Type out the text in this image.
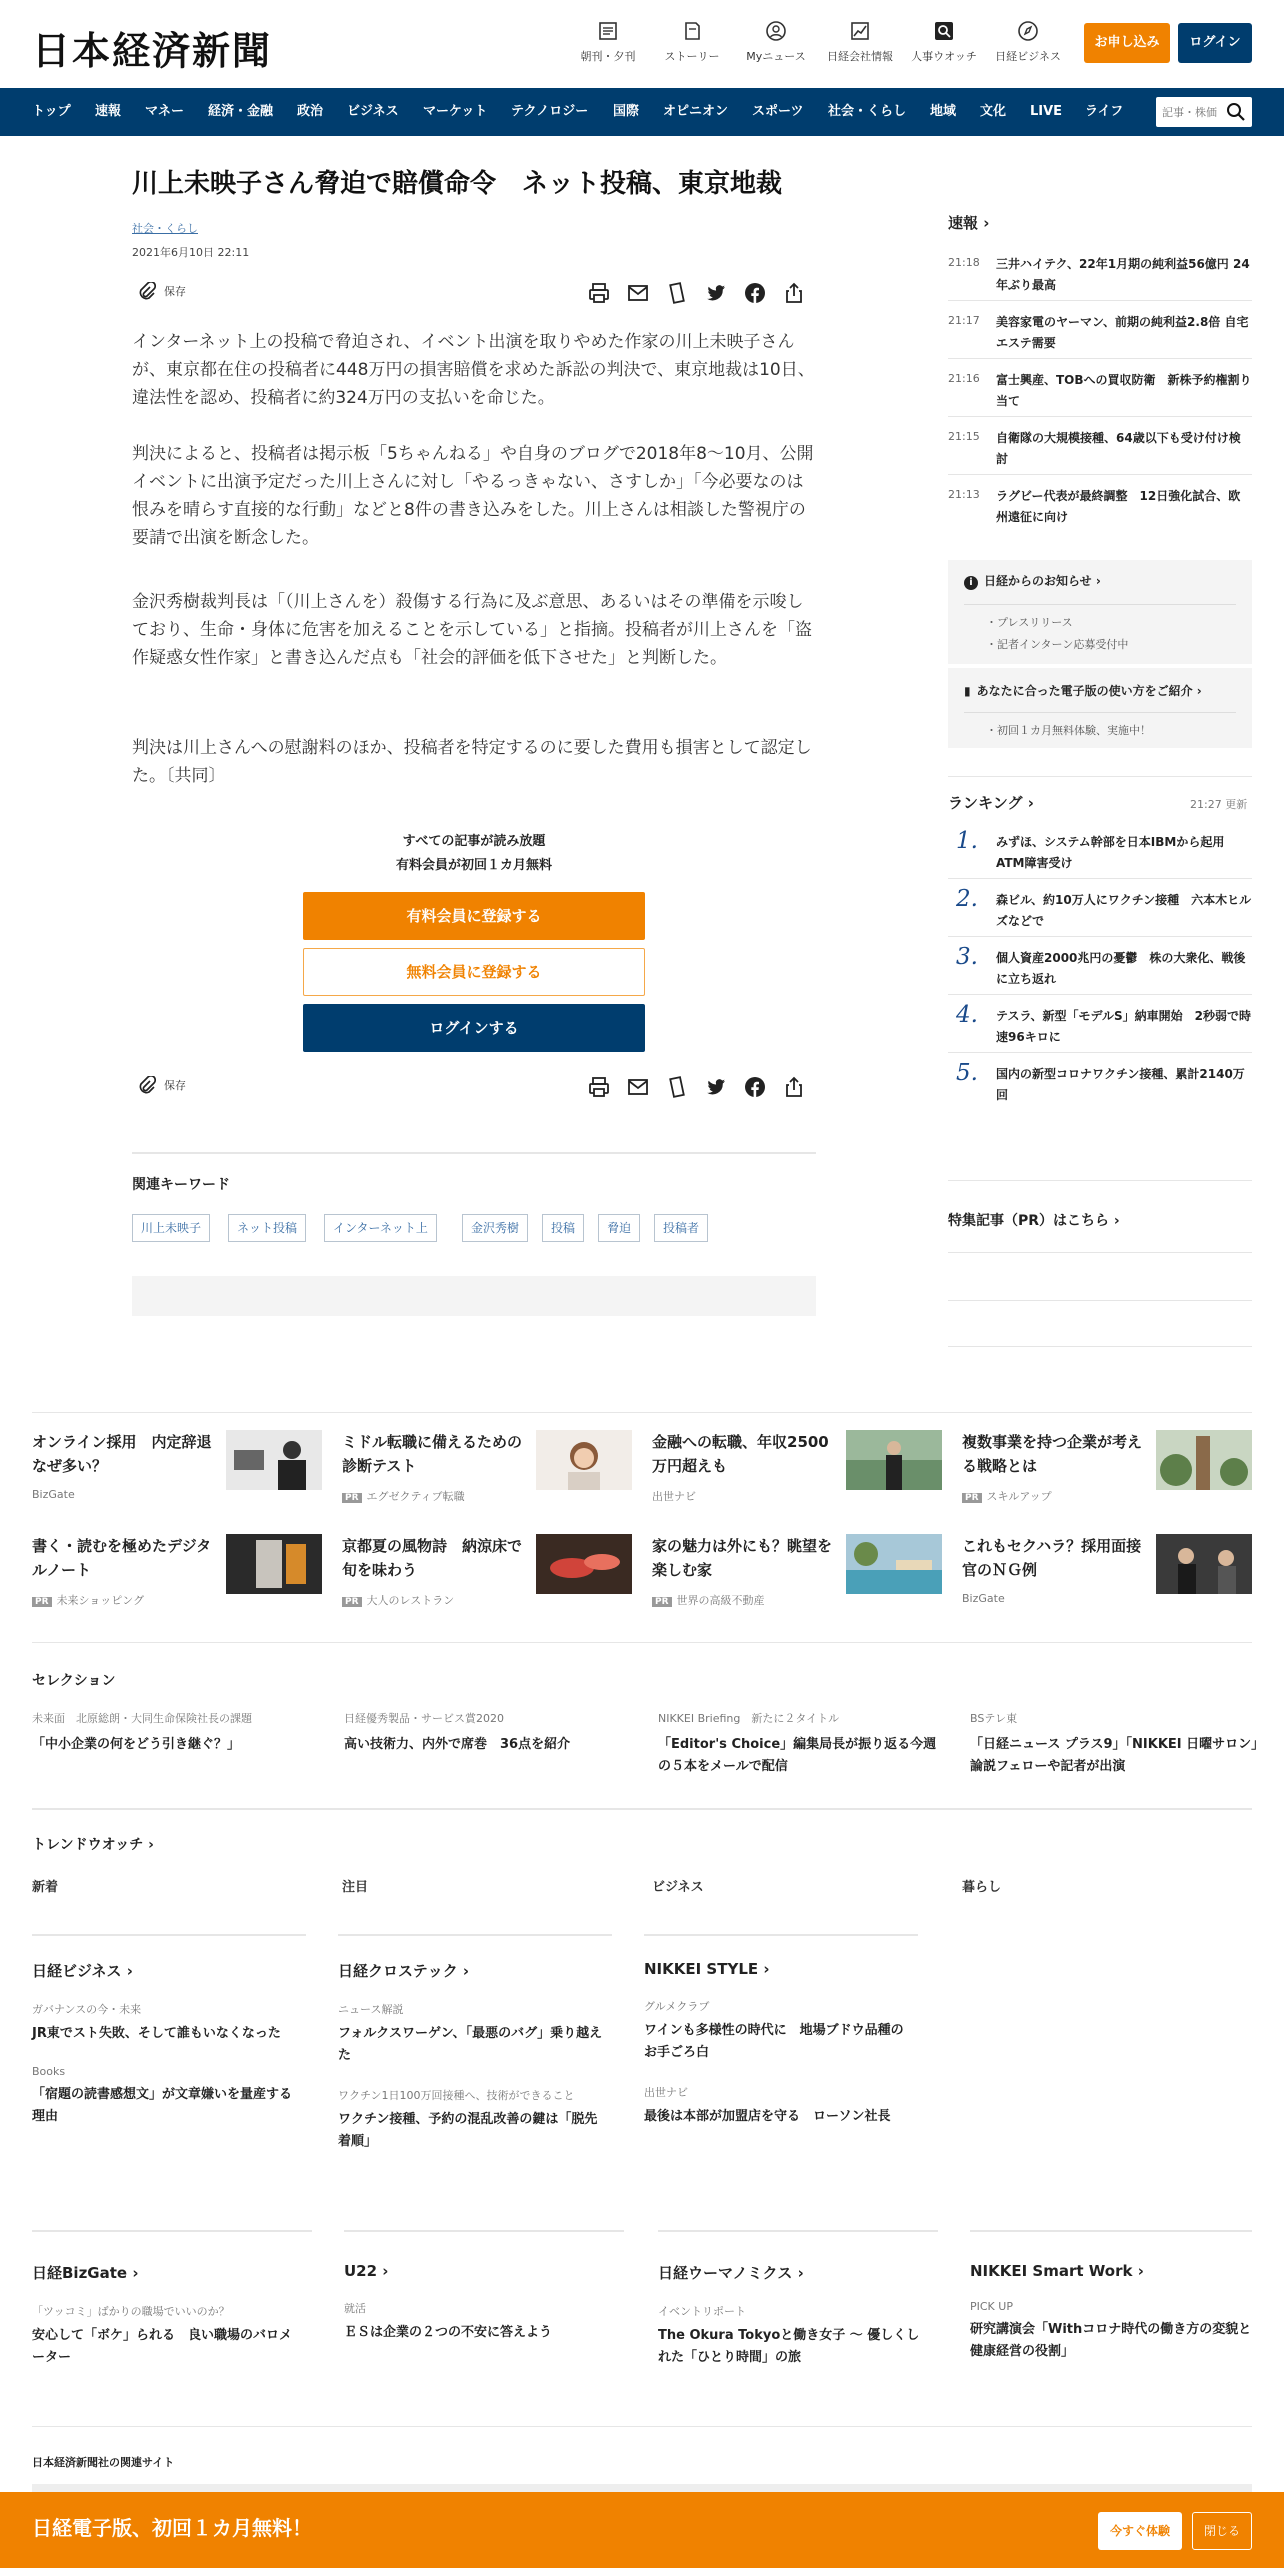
日本経済新聞	朝刊・夕刊	ストーリー	Myニュース	日経会社情報	人事ウオッチ	日経ビジネス
お申し込み	ログイン
トップ 速報 マネー 経済・金融 政治 ビジネス マーケット テクノロジー 国際 オピニオン スポーツ 社会・くらし 地域 文化 LIVE ライフ
記事・株価
川上未映子さん脅迫で賠償命令　ネット投稿、東京地裁
社会・くらし
2021年6月10日 22:11
保存

インターネット上の投稿で脅迫され、イベント出演を取りやめた作家の川上未映子さんが、東京都在住の投稿者に448万円の損害賠償を求めた訴訟の判決で、東京地裁は10日、違法性を認め、投稿者に約324万円の支払いを命じた。

判決によると、投稿者は掲示板「5ちゃんねる」や自身のブログで2018年8～10月、公開イベントに出演予定だった川上さんに対し「やるっきゃない、さすしか」「今必要なのは恨みを晴らす直接的な行動」などと8件の書き込みをした。川上さんは相談した警視庁の要請で出演を断念した。

金沢秀樹裁判長は「（川上さんを）殺傷する行為に及ぶ意思、あるいはその準備を示唆しており、生命・身体に危害を加えることを示している」と指摘。投稿者が川上さんを「盗作疑惑女性作家」と書き込んだ点も「社会的評価を低下させた」と判断した。

判決は川上さんへの慰謝料のほか、投稿者を特定するのに要した費用も損害として認定した。〔共同〕

すべての記事が読み放題
有料会員が初回１カ月無料
有料会員に登録する
無料会員に登録する
ログインする
保存
関連キーワード
川上未映子	ネット投稿	インターネット上	金沢秀樹	投稿	脅迫	投稿者
速報 ›
21:18 三井ハイテク、22年1月期の純利益56億円 24年ぶり最高
21:17 美容家電のヤーマン、前期の純利益2.8倍 自宅エステ需要
21:16 富士興産、TOBへの買収防衛　新株予約権割り当て
21:15 自衛隊の大規模接種、64歳以下も受け付け検討
21:13 ラグビー代表が最終調整　12日強化試合、欧州遠征に向け
i 日経からのお知らせ ›
・プレスリリース
・記者インターン応募受付中
▮ あなたに合った電子版の使い方をご紹介 ›
・初回１カ月無料体験、実施中！
ランキング ›	21:27 更新
1. みずほ、システム幹部を日本IBMから起用　ATM障害受け
2. 森ビル、約10万人にワクチン接種　六本木ヒルズなどで
3. 個人資産2000兆円の憂鬱　株の大衆化、戦後に立ち返れ
4. テスラ、新型「モデルS」納車開始　2秒弱で時速96キロに
5. 国内の新型コロナワクチン接種、累計2140万回
特集記事（PR）はこちら ›
オンライン採用　内定辞退なぜ多い？
BizGate
ミドル転職に備えるための診断テスト
PR エグゼクティブ転職
金融への転職、年収2500万円超えも
出世ナビ
複数事業を持つ企業が考える戦略とは
PR スキルアップ
書く・読むを極めたデジタルノート
PR 未来ショッピング
京都夏の風物詩　納涼床で旬を味わう
PR 大人のレストラン
家の魅力は外にも？眺望を楽しむ家
PR 世界の高級不動産
これもセクハラ？採用面接官のＮＧ例
BizGate
セレクション
未来面　北原総朗・大同生命保険社長の課題
「中小企業の何をどう引き継ぐ？」
日経優秀製品・サービス賞2020
高い技術力、内外で席巻　36点を紹介
NIKKEI Briefing　新たに２タイトル
「Editor's Choice」編集局長が振り返る今週の５本をメールで配信
BSテレ東
「日経ニュース プラス9」「NIKKEI 日曜サロン」論説フェローや記者が出演
トレンドウオッチ ›
新着	注目	ビジネス	暮らし
日経ビジネス ›
ガバナンスの今・未来
JR東でスト失敗、そして誰もいなくなった
Books
「宿題の読書感想文」が文章嫌いを量産する理由
日経クロステック ›
ニュース解説
フォルクスワーゲン、「最悪のバグ」乗り越えた
ワクチン1日100万回接種へ、技術ができること
ワクチン接種、予約の混乱改善の鍵は「脱先着順」
NIKKEI STYLE ›
グルメクラブ
ワインも多様性の時代に　地場ブドウ品種のお手ごろ白
出世ナビ
最後は本部が加盟店を守る　ローソン社長
日経BizGate ›
「ツッコミ」ばかりの職場でいいのか？
安心して「ボケ」られる　良い職場のバロメーター
U22 ›
就活
ＥＳは企業の２つの不安に答えよう
日経ウーマノミクス ›
イベントリポート
The Okura Tokyoと働き女子 ～ 優しくしれた「ひとり時間」の旅
NIKKEI Smart Work ›
PICK UP
研究講演会「Withコロナ時代の働き方の変貌と健康経営の役割」
日本経済新聞社の関連サイト
日経電子版、初回１カ月無料！	今すぐ体験	閉じる
